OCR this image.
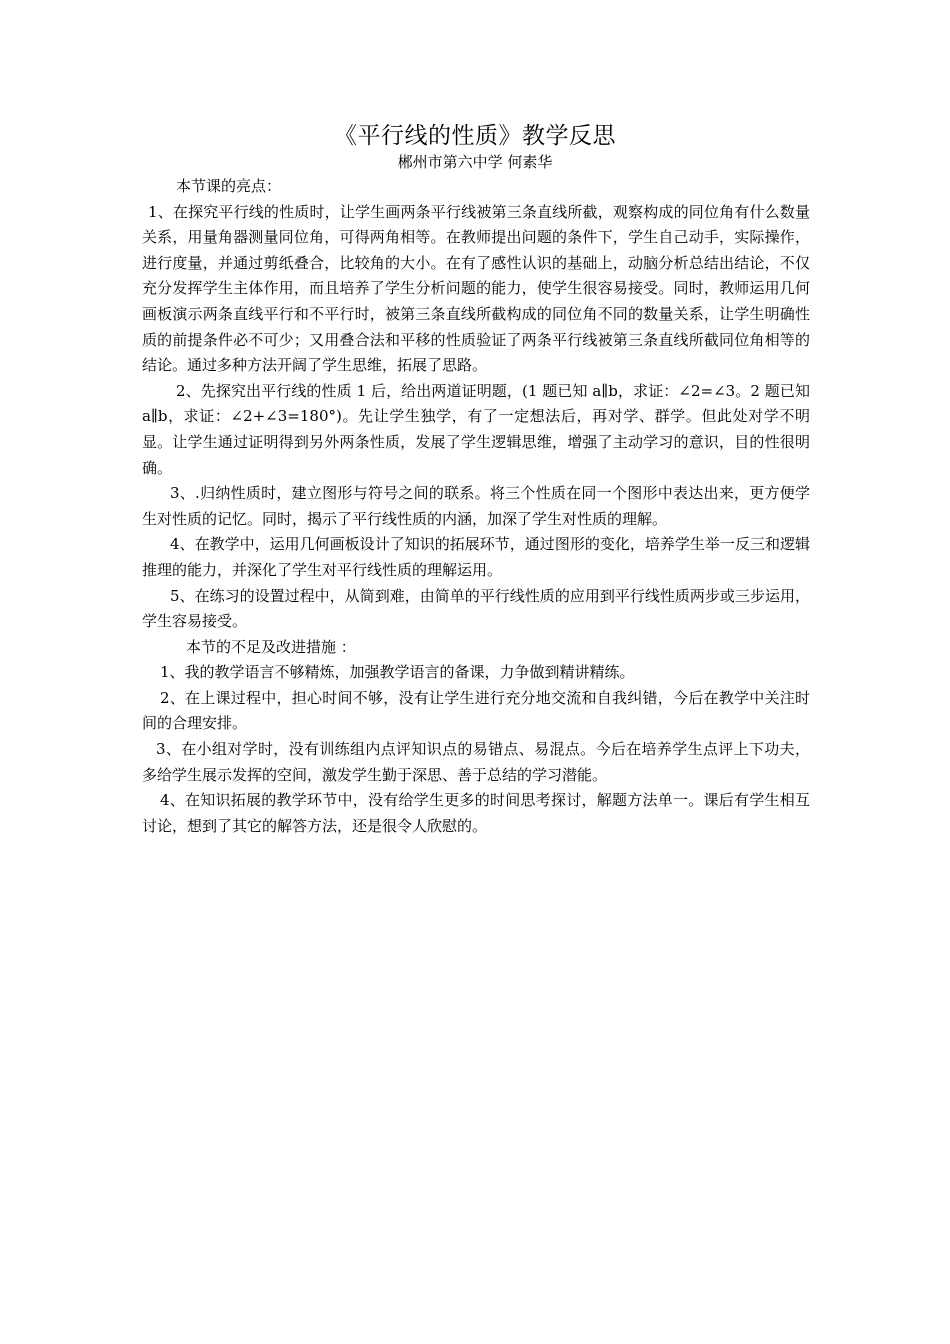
《平行线的性质》教学反思
郴州市第六中学 何素华

本节课的亮点：

1、在探究平行线的性质时，让学生画两条平行线被第三条直线所截，观察构成的同位角有什么数量关系，用量角器测量同位角，可得两角相等。在教师提出问题的条件下，学生自己动手，实际操作，进行度量，并通过剪纸叠合，比较角的大小。在有了感性认识的基础上，动脑分析总结出结论，不仅充分发挥学生主体作用，而且培养了学生分析问题的能力，使学生很容易接受。同时，教师运用几何画板演示两条直线平行和不平行时，被第三条直线所截构成的同位角不同的数量关系，让学生明确性质的前提条件必不可少；又用叠合法和平移的性质验证了两条平行线被第三条直线所截同位角相等的结论。通过多种方法开阔了学生思维，拓展了思路。

2、先探究出平行线的性质 1 后，给出两道证明题，(1 题已知 a∥b，求证：∠2=∠3。2 题已知 a∥b，求证：∠2+∠3=180°)。先让学生独学，有了一定想法后，再对学、群学。但此处对学不明显。让学生通过证明得到另外两条性质，发展了学生逻辑思维，增强了主动学习的意识，目的性很明确。

3、.归纳性质时，建立图形与符号之间的联系。将三个性质在同一个图形中表达出来，更方便学生对性质的记忆。同时，揭示了平行线性质的内涵，加深了学生对性质的理解。

4、在教学中，运用几何画板设计了知识的拓展环节，通过图形的变化，培养学生举一反三和逻辑推理的能力，并深化了学生对平行线性质的理解运用。

5、在练习的设置过程中，从简到难，由简单的平行线性质的应用到平行线性质两步或三步运用，学生容易接受。

本节的不足及改进措施 ：

1、我的教学语言不够精炼，加强教学语言的备课，力争做到精讲精练。

2、在上课过程中，担心时间不够，没有让学生进行充分地交流和自我纠错，今后在教学中关注时间的合理安排。

3、在小组对学时，没有训练组内点评知识点的易错点、易混点。今后在培养学生点评上下功夫，多给学生展示发挥的空间，激发学生勤于深思、善于总结的学习潜能。

4、在知识拓展的教学环节中，没有给学生更多的时间思考探讨，解题方法单一。课后有学生相互讨论，想到了其它的解答方法，还是很令人欣慰的。
